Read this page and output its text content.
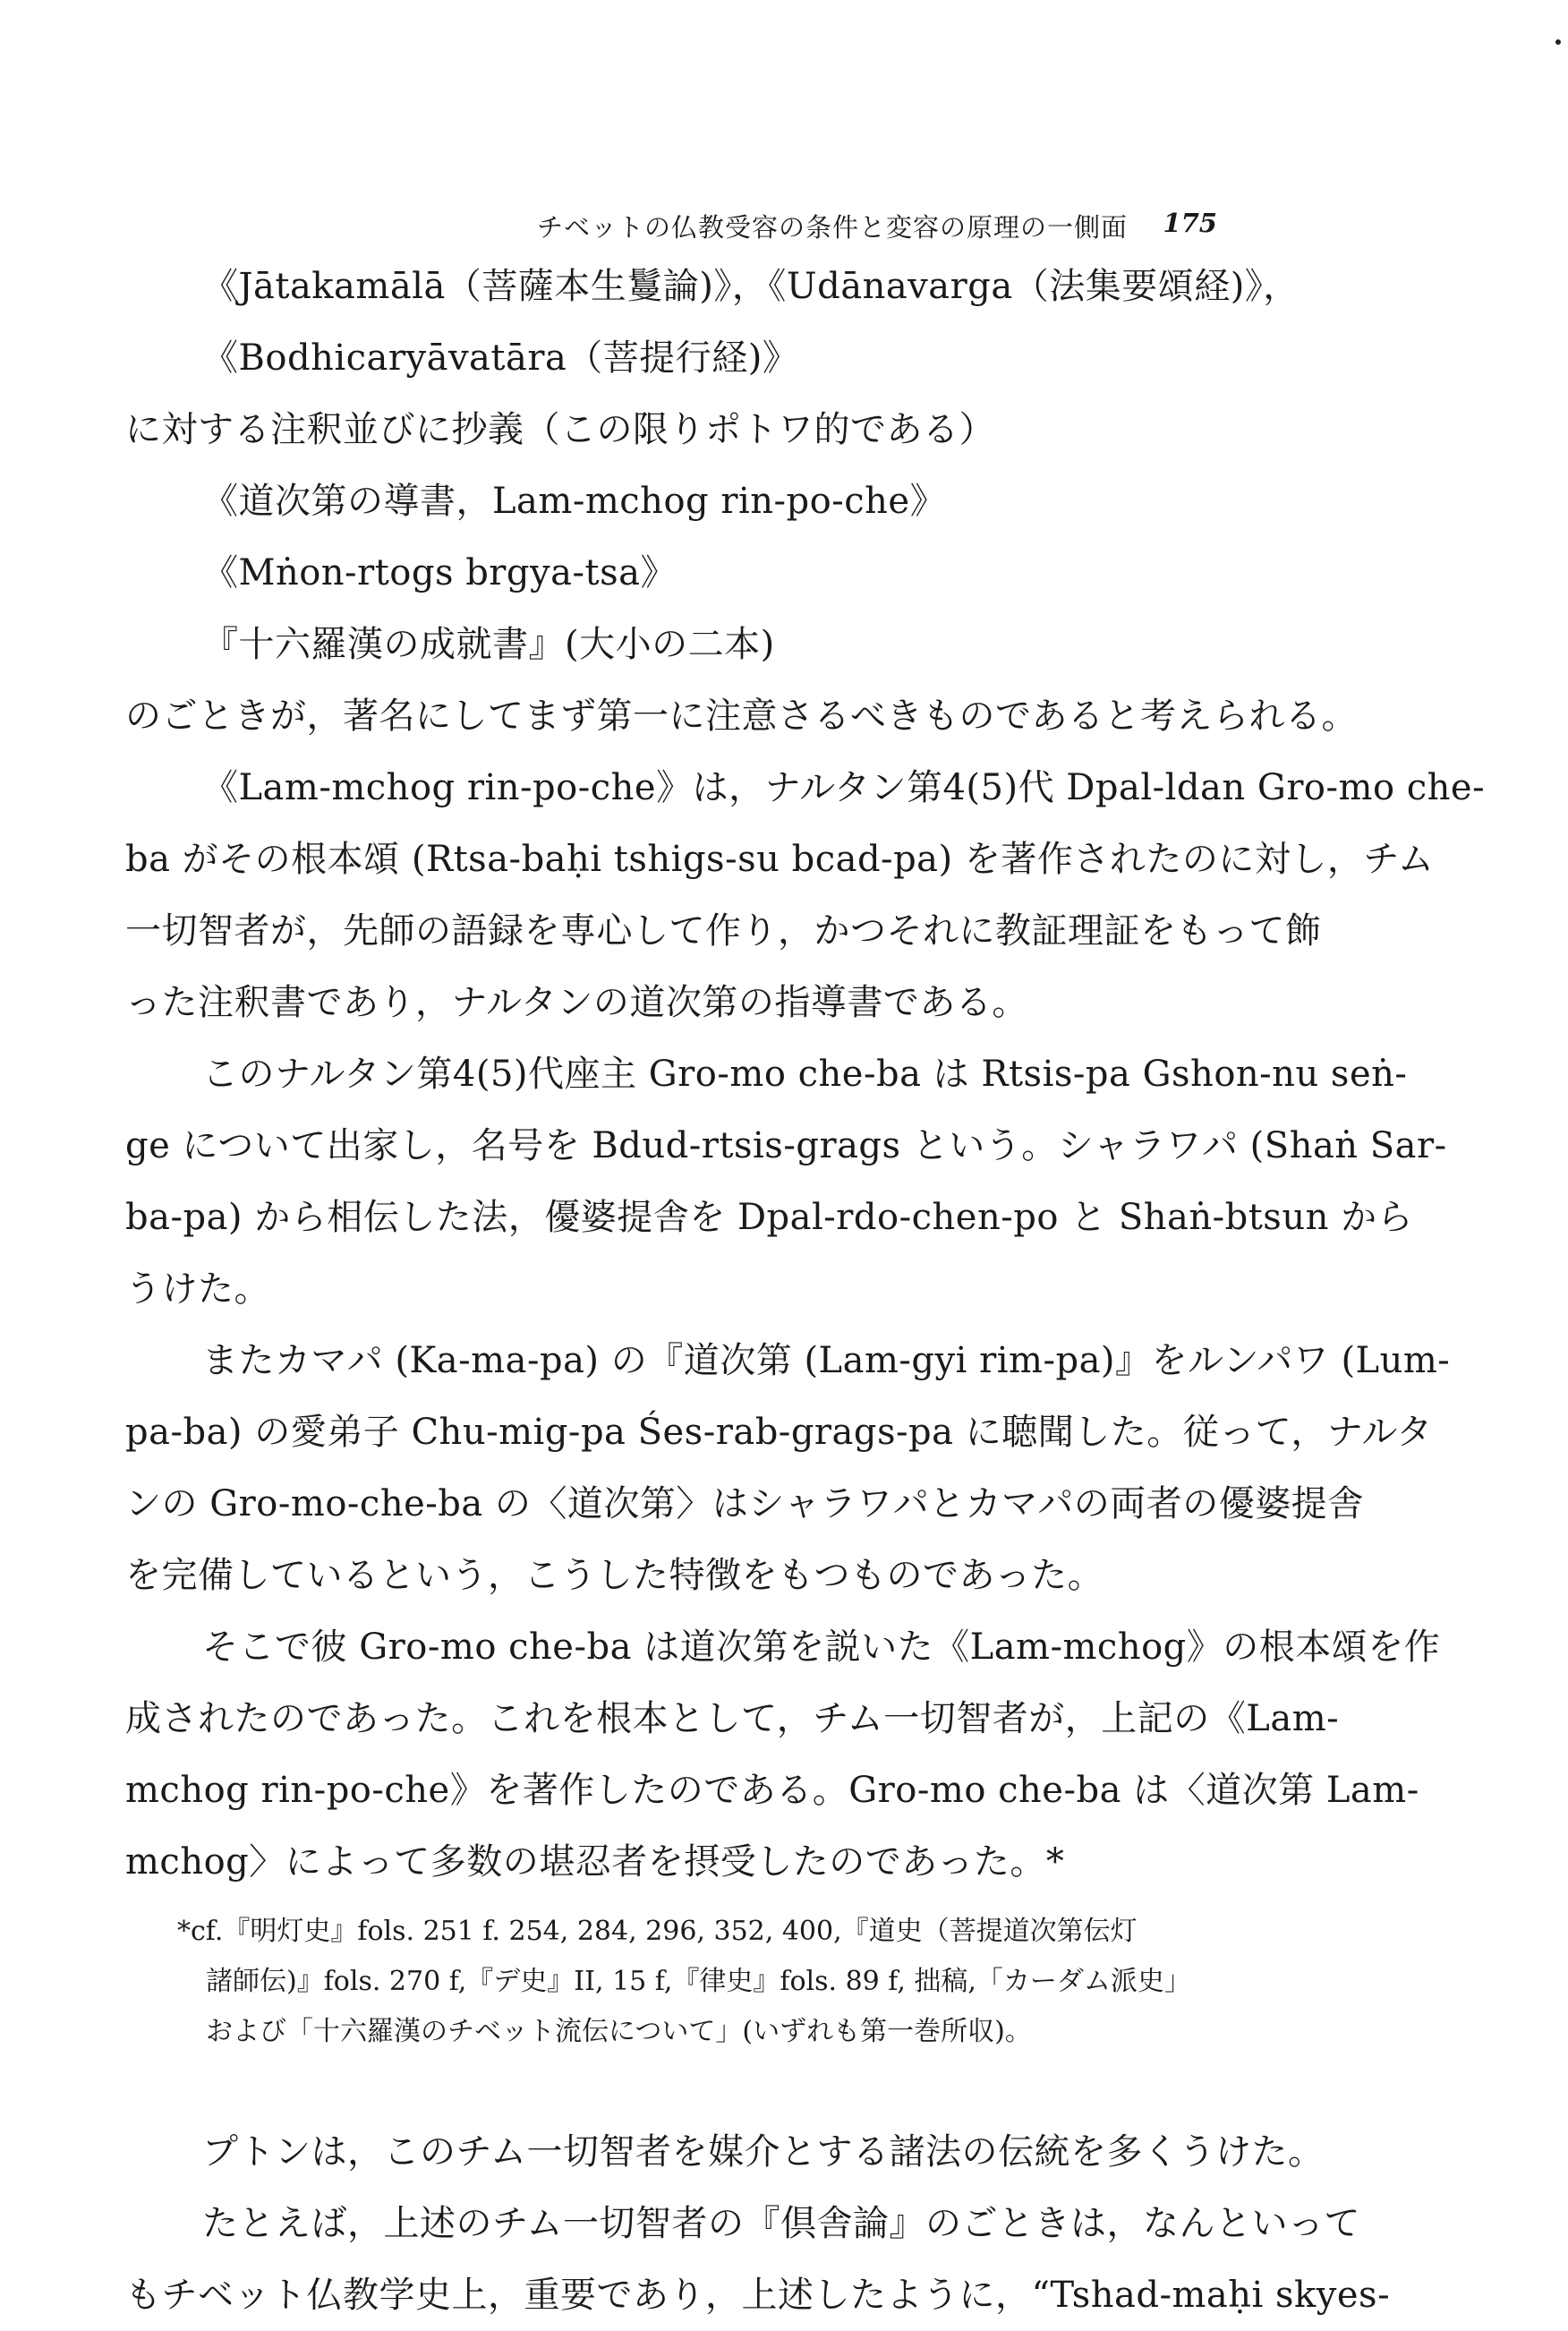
チベットの仏教受容の条件と変容の原理の一側面 175
《Jātakamālā（菩薩本生鬘論)》，《Udānavarga（法集要頌経)》，
《Bodhicaryāvatāra（菩提行経)》
に対する注釈並びに抄義（この限りポトワ的である）
《道次第の導書，Lam-mchog rin-po-che》
《Mṅon-rtogs brgya-tsa》
『十六羅漢の成就書』(大小の二本)
のごときが，著名にしてまず第一に注意さるべきものであると考えられる。
《Lam-mchog rin-po-che》は，ナルタン第4(5)代 Dpal-ldan Gro-mo che-
ba がその根本頌 (Rtsa-baḥi tshigs-su bcad-pa) を著作されたのに対し，チム
一切智者が，先師の語録を専心して作り，かつそれに教証理証をもって飾
った注釈書であり，ナルタンの道次第の指導書である。
このナルタン第4(5)代座主 Gro-mo che-ba は Rtsis-pa Gshon-nu seṅ-
ge について出家し，名号を Bdud-rtsis-grags という。シャラワパ (Shaṅ Sar-
ba-pa) から相伝した法，優婆提舎を Dpal-rdo-chen-po と Shaṅ-btsun から
うけた。
またカマパ (Ka-ma-pa) の『道次第 (Lam-gyi rim-pa)』をルンパワ (Lum-
pa-ba) の愛弟子 Chu-mig-pa Śes-rab-grags-pa に聴聞した。従って，ナルタ
ンの Gro-mo-che-ba の〈道次第〉はシャラワパとカマパの両者の優婆提舎
を完備しているという，こうした特徴をもつものであった。
そこで彼 Gro-mo che-ba は道次第を説いた《Lam-mchog》の根本頌を作
成されたのであった。これを根本として，チム一切智者が，上記の《Lam-
mchog rin-po-che》を著作したのである。Gro-mo che-ba は〈道次第 Lam-
mchog〉によって多数の堪忍者を摂受したのであった。*
*cf.『明灯史』fols. 251 f. 254, 284, 296, 352, 400,『道史（菩提道次第伝灯
諸師伝)』fols. 270 f,『デ史』II, 15 f,『律史』fols. 89 f, 拙稿,「カーダム派史」
および「十六羅漢のチベット流伝について」(いずれも第一巻所収)。
プトンは，このチム一切智者を媒介とする諸法の伝統を多くうけた。
たとえば，上述のチム一切智者の『倶舎論』のごときは，なんといって
もチベット仏教学史上，重要であり，上述したように，“Tshad-maḥi skyes-
